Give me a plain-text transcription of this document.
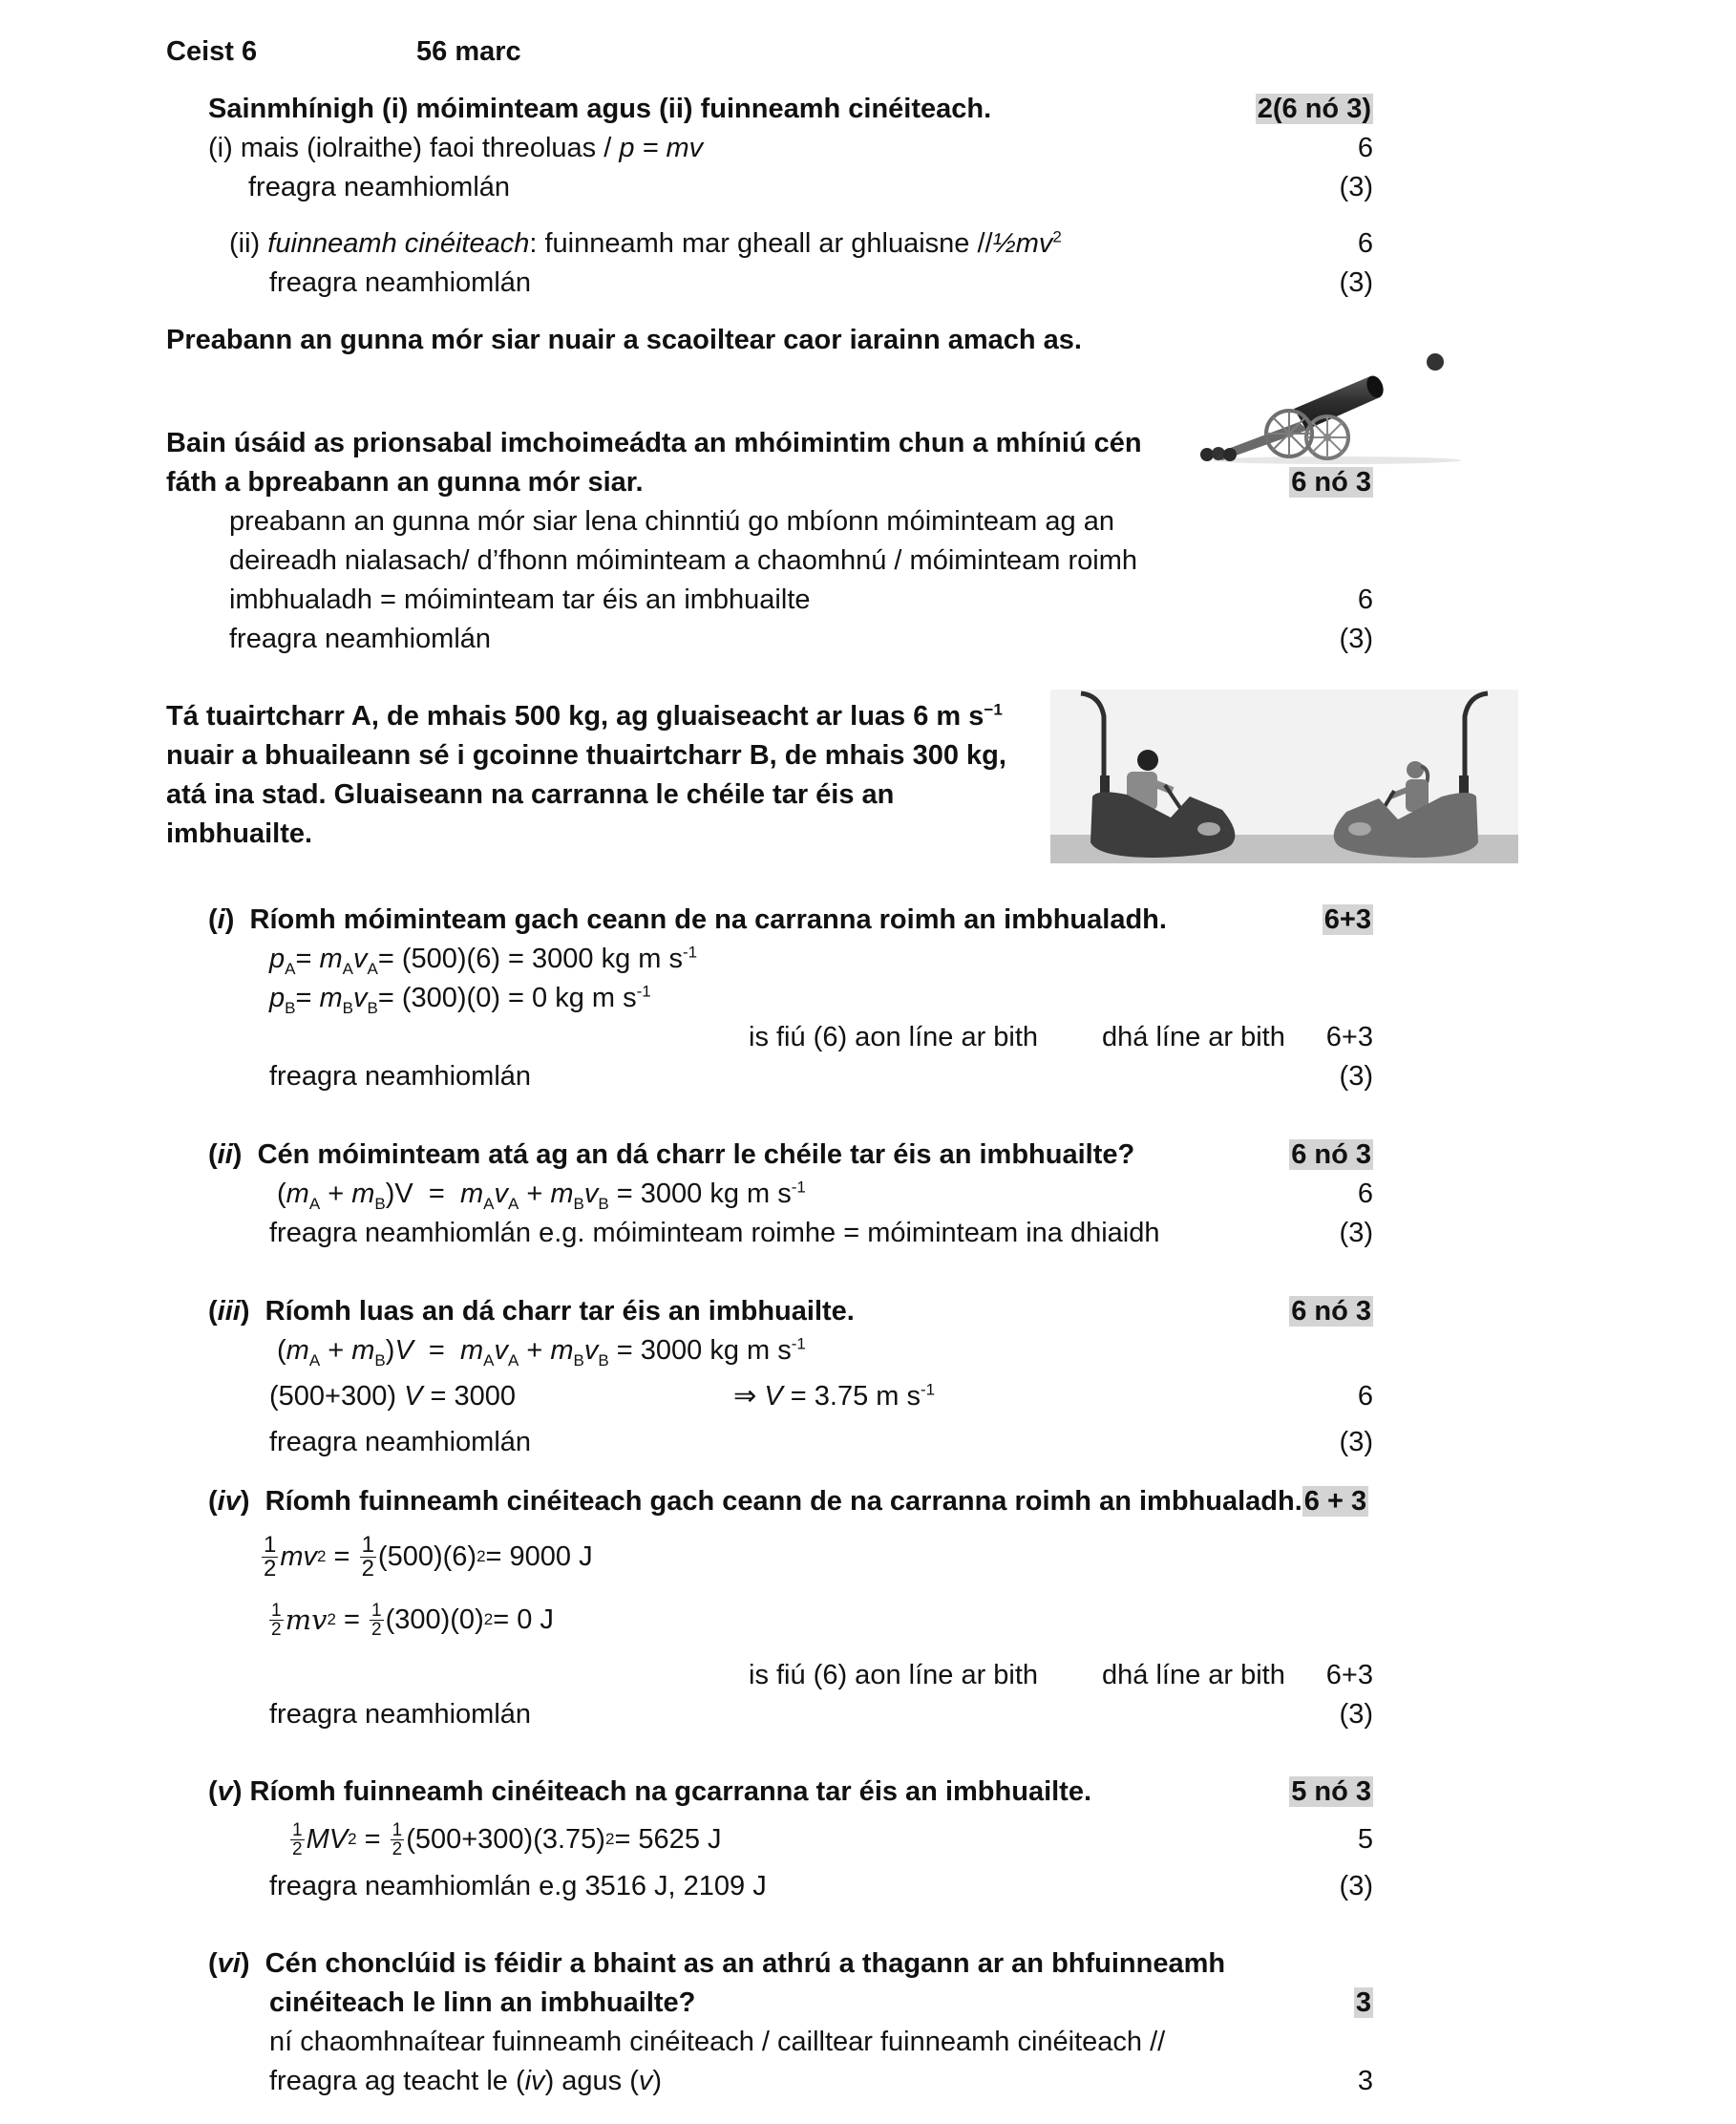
Ceist 6	56 marc
Sainmhínigh (i) móiminteam agus (ii) fuinneamh cinéiteach.	2(6 nó 3)
(i) mais (iolraithe) faoi threoluas / p = mv	6
freagra neamhiomlán	(3)
(ii) fuinneamh cinéiteach: fuinneamh mar gheall ar ghluaisne $//\frac{1}{2}mv^2$	6
freagra neamhiomlán	(3)
Preabann an gunna mór siar nuair a scaoiltear caor iarainn amach as.
Bain úsáid as prionsabal imchoimeádta an mhóimintim chun a mhíniú cén
fáth a bpreabann an gunna mór siar.	6 nó 3
preabann an gunna mór siar lena chinntiú go mbíonn móiminteam ag an
deireadh nialasach/ d’fhonn móiminteam a chaomhnú / móiminteam roimh
imbhualadh = móiminteam tar éis an imbhuailte	6
freagra neamhiomlán	(3)
Tá tuairtcharr A, de mhais 500 kg, ag gluaiseacht ar luas 6 m $s^{-1}$
nuair a bhuaileann sé i gcoinne thuairtcharr B, de mhais 300 kg,
atá ina stad. Gluaiseann na carranna le chéile tar éis an
imbhuailte.
(i)  Ríomh móiminteam gach ceann de na carranna roimh an imbhualadh.	6+3
$p_A= m_Av_A= (500)(6) = 3000$ kg m $s^{-1}$
$p_B= m_Bv_B= (300)(0) = 0$ kg m $s^{-1}$
is fiú (6) aon líne ar bith dhá líne ar bith 6+3
freagra neamhiomlán	(3)
(ii)  Cén móiminteam atá ag an dá charr le chéile tar éis an imbhuailte?	6 nó 3
$(m_A + m_B)V = m_Av_A + m_Bv_B = 3000$ kg m $s^{-1}$	6
freagra neamhiomlán e.g. móiminteam roimhe = móiminteam ina dhiaidh	(3)
(iii)  Ríomh luas an dá charr tar éis an imbhuailte.	6 nó 3
$(m_A + m_B)V = m_Av_A + m_Bv_B = 3000$ kg m $s^{-1}$
(500+300) V = 3000	⇒ V = 3.75 m $s^{-1}$	6
freagra neamhiomlán	(3)
(iv)  Ríomh fuinneamh cinéiteach gach ceann de na carranna roimh an imbhualadh.6 + 3
$\frac{1}{2}$ mv $2 = \frac{1}{2} (500)(6) 2 = 9000$ J
$\frac{1}{2}$ mv $2 = \frac{1}{2} (300)(0) 2 = 0$ J
is fiú (6) aon líne ar bith dhá líne ar bith 6+3
freagra neamhiomlán	(3)
(v) Ríomh fuinneamh cinéiteach na gcarranna tar éis an imbhuailte.	5 nó 3
$\frac{1}{2}$ MV $2 = \frac{1}{2} (500+300)(3.75) 2 = 5625$ J	5
freagra neamhiomlán e.g 3516 J, 2109 J	(3)
(vi)  Cén chonclúid is féidir a bhaint as an athrú a thagann ar an bhfuinneamh
cinéiteach le linn an imbhuailte?	3
ní chaomhnaítear fuinneamh cinéiteach / cailltear fuinneamh cinéiteach //
freagra ag teacht le (iv) agus (v)	3
